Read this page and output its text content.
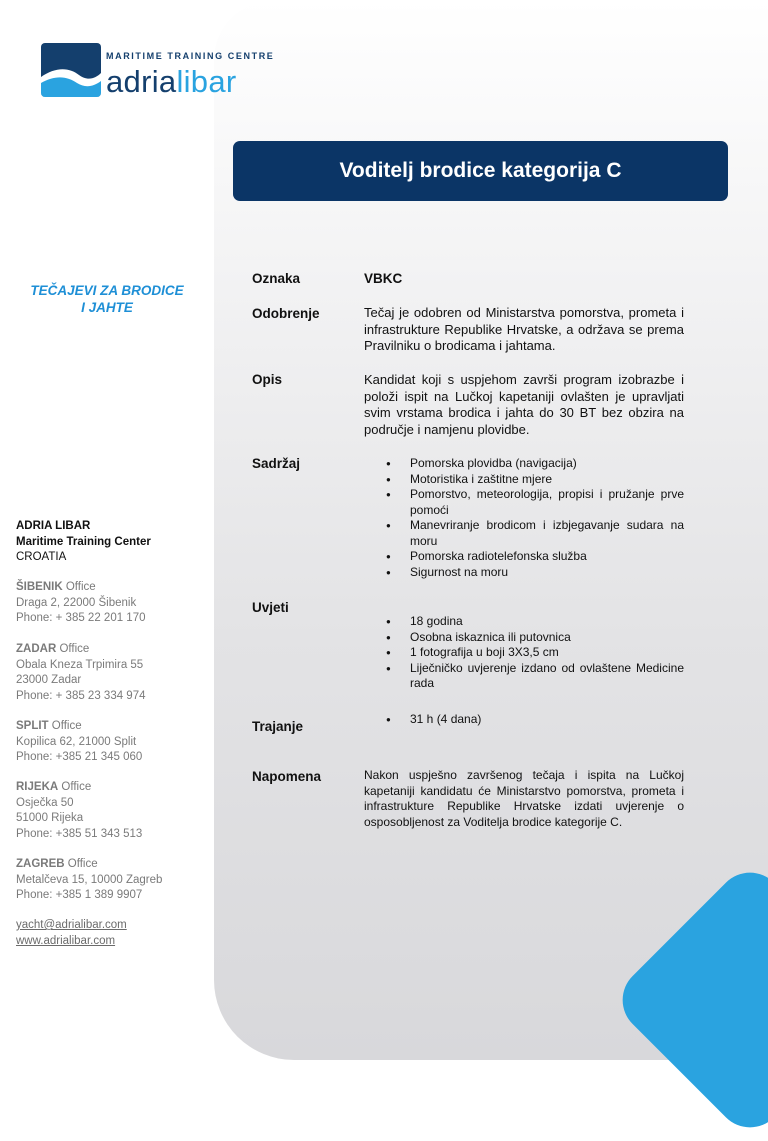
MARITIME TRAINING CENTRE
adrialibar
Voditelj brodice kategorija C
TEČAJEVI ZA BRODICE
I JAHTE
ADRIA LIBAR
Maritime Training Center
CROATIA
ŠIBENIK Office
Draga 2, 22000 Šibenik
Phone: + 385 22 201 170
ZADAR Office
Obala Kneza Trpimira 55
23000 Zadar
Phone: + 385 23 334 974
SPLIT Office
Kopilica 62, 21000 Split
Phone: +385 21 345 060
RIJEKA Office
Osječka 50
51000 Rijeka
Phone: +385 51 343 513
ZAGREB Office
Metalčeva 15, 10000 Zagreb
Phone: +385 1 389 9907
yacht@adrialibar.com
www.adrialibar.com
Oznaka	VBKC
Odobrenje	Tečaj je odobren od Ministarstva pomorstva, prometa i infrastrukture Republike Hrvatske, a održava se prema Pravilniku o brodicama i jahtama.
Opis	Kandidat koji s uspjehom završi program izobrazbe i položi ispit na Lučkoj kapetaniji ovlašten je upravljati svim vrstama brodica i jahta do 30 BT bez obzira na područje i namjenu plovidbe.
Sadržaj	● Pomorska plovidba (navigacija)
● Motoristika i zaštitne mjere
● Pomorstvo, meteorologija, propisi i pružanje prve pomoći
● Manevriranje brodicom i izbjegavanje sudara na moru
● Pomorska radiotelefonska služba
● Sigurnost na moru
Uvjeti
● 18 godina
● Osobna iskaznica ili putovnica
● 1 fotografija u boji 3X3,5 cm
● Liječničko uvjerenje izdano od ovlaštene Medicine rada
Trajanje	● 31 h (4 dana)
Napomena	Nakon uspješno završenog tečaja i ispita na Lučkoj kapetaniji kandidatu će Ministarstvo pomorstva, prometa i infrastrukture Republike Hrvatske izdati uvjerenje o osposobljenost za Voditelja brodice kategorije C.
